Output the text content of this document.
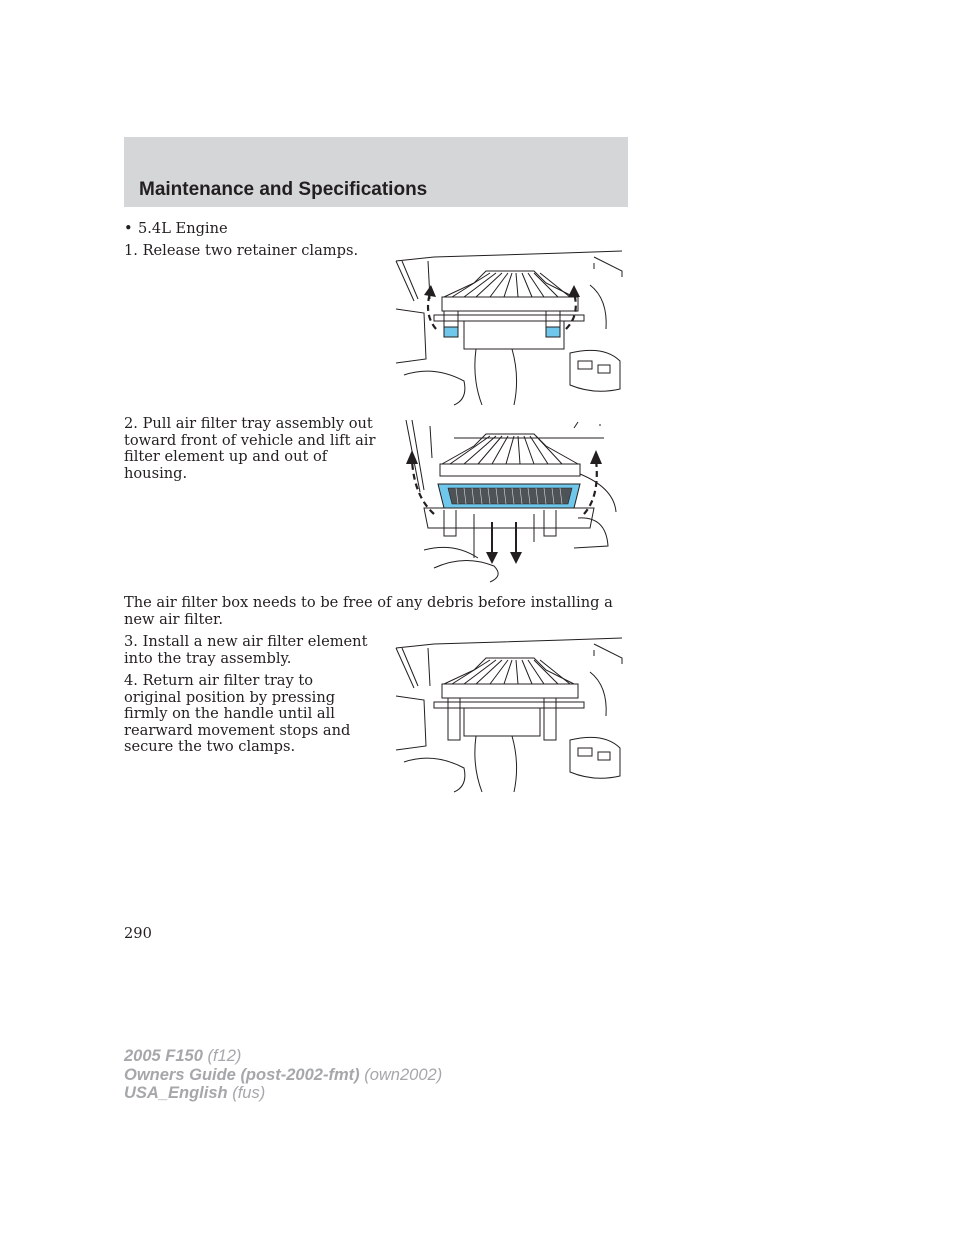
Maintenance and Specifications

• 5.4L Engine

1. Release two retainer clamps.

2. Pull air filter tray assembly out toward front of vehicle and lift air filter element up and out of housing.

The air filter box needs to be free of any debris before installing a new air filter.

3. Install a new air filter element into the tray assembly.

4. Return air filter tray to original position by pressing firmly on the handle until all rearward movement stops and secure the two clamps.

290

2005 F150 (f12)
Owners Guide (post-2002-fmt) (own2002)
USA_English (fus)
